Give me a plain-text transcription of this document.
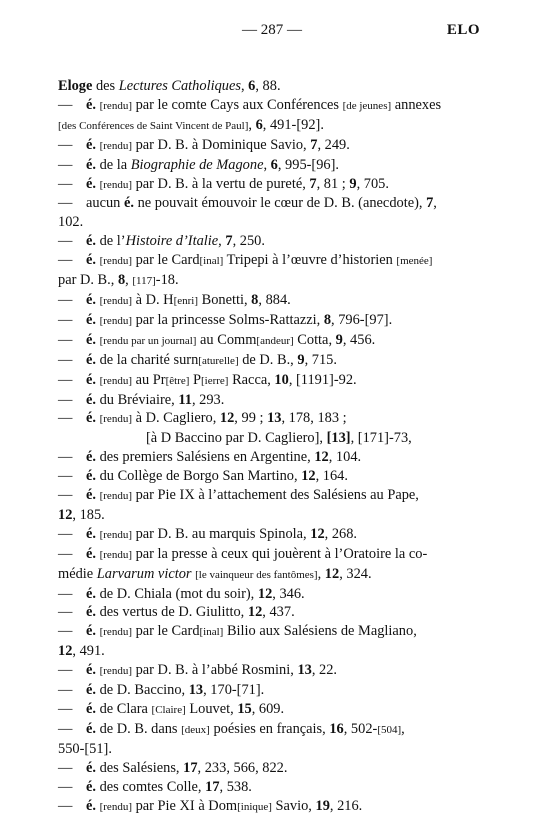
— 287 —	ELO
Eloge des Lectures Catholiques, 6, 88.
— é. [rendu] par le comte Cays aux Conférences [de jeunes] annexes
[des Conférences de Saint Vincent de Paul], 6, 491-[92].
— é. [rendu] par D. B. à Dominique Savio, 7, 249.
— é. de la Biographie de Magone, 6, 995-[96].
— é. [rendu] par D. B. à la vertu de pureté, 7, 81 ; 9, 705.
— aucun é. ne pouvait émouvoir le cœur de D. B. (anecdote), 7,
102.
— é. de l’Histoire d’Italie, 7, 250.
— é. [rendu] par le Card[inal] Tripepi à l’œuvre d’historien [menée]
par D. B., 8, [117]-18.
— é. [rendu] à D. H[enri] Bonetti, 8, 884.
— é. [rendu] par la princesse Solms-Rattazzi, 8, 796-[97].
— é. [rendu par un journal] au Comm[andeur] Cotta, 9, 456.
— é. de la charité surn[aturelle] de D. B., 9, 715.
— é. [rendu] au Pr[être] P[ierre] Racca, 10, [1191]-92.
— é. du Bréviaire, 11, 293.
— é. [rendu] à D. Cagliero, 12, 99 ; 13, 178, 183 ;
[à D Baccino par D. Cagliero], [13], [171]-73,
— é. des premiers Salésiens en Argentine, 12, 104.
— é. du Collège de Borgo San Martino, 12, 164.
— é. [rendu] par Pie IX à l’attachement des Salésiens au Pape,
12, 185.
— é. [rendu] par D. B. au marquis Spinola, 12, 268.
— é. [rendu] par la presse à ceux qui jouèrent à l’Oratoire la co-
médie Larvarum victor [le vainqueur des fantômes], 12, 324.
— é. de D. Chiala (mot du soir), 12, 346.
— é. des vertus de D. Giulitto, 12, 437.
— é. [rendu] par le Card[inal] Bilio aux Salésiens de Magliano,
12, 491.
— é. [rendu] par D. B. à l’abbé Rosmini, 13, 22.
— é. de D. Baccino, 13, 170-[71].
— é. de Clara [Claire] Louvet, 15, 609.
— é. de D. B. dans [deux] poésies en français, 16, 502-[504],
550-[51].
— é. des Salésiens, 17, 233, 566, 822.
— é. des comtes Colle, 17, 538.
— é. [rendu] par Pie XI à Dom[inique] Savio, 19, 216.
